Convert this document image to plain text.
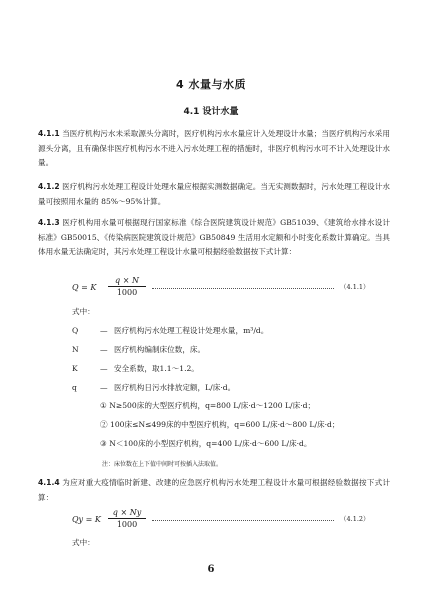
4 水量与水质
4.1 设计水量
4.1.1 当医疗机构污水未采取源头分离时，医疗机构污水水量应计入处理设计水量；当医疗机构污水采用源头分离，且有确保非医疗机构污水不进入污水处理工程的措施时，非医疗机构污水可不计入处理设计水量。
4.1.2 医疗机构污水处理工程设计处理水量应根据实测数据确定。当无实测数据时，污水处理工程设计水量可按照用水量的 85%～95%计算。
4.1.3 医疗机构用水量可根据现行国家标准《综合医院建筑设计规范》GB51039、《建筑给水排水设计标准》GB50015、《传染病医院建筑设计规范》GB50849 生活用水定额和小时变化系数计算确定。当具体用水量无法确定时，其污水处理工程设计水量可根据经验数据按下式计算：
Q = K $\frac{q \times N}{1000}$	（4.1.1）
式中：
Q	— 医疗机构污水处理工程设计处理水量，m³/d。
N	— 医疗机构编制床位数，床。
K	— 安全系数，取1.1～1.2。
q	— 医疗机构日污水排放定额，L/床·d。
① N≥500床的大型医疗机构，q=800 L/床·d～1200 L/床·d；
② 100床≤N≤499床的中型医疗机构，q=600 L/床·d～800 L/床·d；
③ N＜100床的小型医疗机构，q=400 L/床·d～600 L/床·d。
注：床位数在上下值中间时可按插入法取值。
4.1.4 为应对重大疫情临时新建、改建的应急医疗机构污水处理工程设计水量可根据经验数据按下式计算：
Qy = K $\frac{q \times Ny}{1000}$	（4.1.2）
式中：
6
